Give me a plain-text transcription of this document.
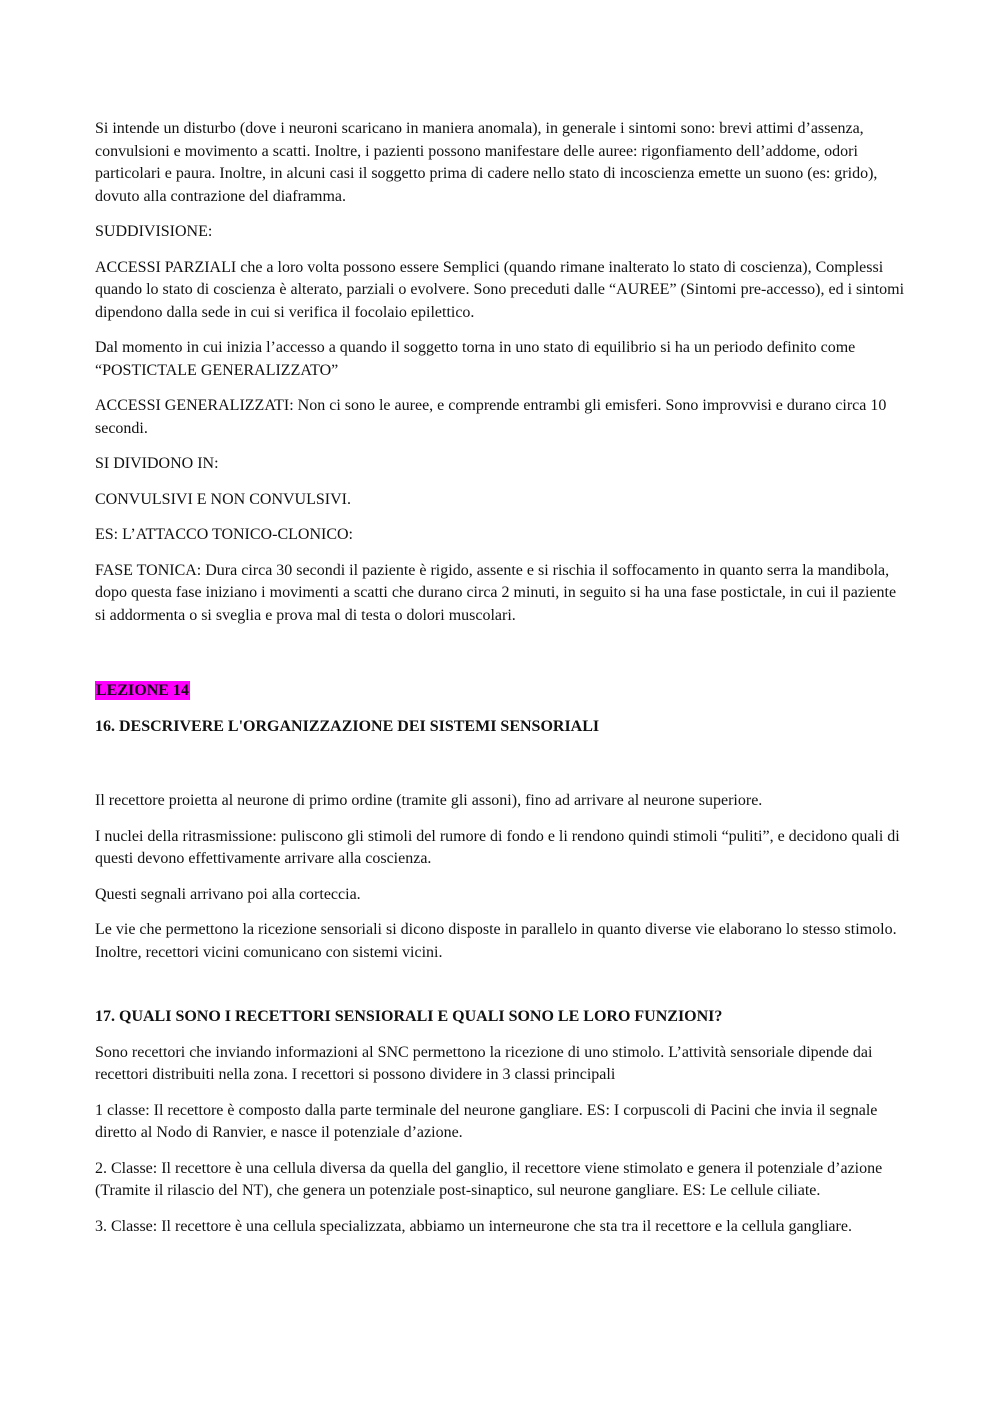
Si intende un disturbo (dove i neuroni scaricano in maniera anomala), in generale i sintomi sono: brevi attimi d’assenza, convulsioni e movimento a scatti. Inoltre, i pazienti possono manifestare delle auree: rigonfiamento dell’addome, odori particolari e paura. Inoltre, in alcuni casi il soggetto prima di cadere nello stato di incoscienza emette un suono (es: grido), dovuto alla contrazione del diaframma.

SUDDIVISIONE:

ACCESSI PARZIALI che a loro volta possono essere Semplici (quando rimane inalterato lo stato di coscienza), Complessi quando lo stato di coscienza è alterato, parziali o evolvere. Sono preceduti dalle “AUREE” (Sintomi pre-accesso), ed i sintomi dipendono dalla sede in cui si verifica il focolaio epilettico.

Dal momento in cui inizia l’accesso a quando il soggetto torna in uno stato di equilibrio si ha un periodo definito come “POSTICTALE GENERALIZZATO”

ACCESSI GENERALIZZATI: Non ci sono le auree, e comprende entrambi gli emisferi. Sono improvvisi e durano circa 10 secondi.

SI DIVIDONO IN:

CONVULSIVI E NON CONVULSIVI.

ES: L’ATTACCO TONICO-CLONICO:

FASE TONICA: Dura circa 30 secondi il paziente è rigido, assente e si rischia il soffocamento in quanto serra la mandibola, dopo questa fase iniziano i movimenti a scatti che durano circa 2 minuti, in seguito si ha una fase postictale, in cui il paziente si addormenta o si sveglia e prova mal di testa o dolori muscolari.

LEZIONE 14

16. DESCRIVERE L'ORGANIZZAZIONE DEI SISTEMI SENSORIALI

Il recettore proietta al neurone di primo ordine (tramite gli assoni), fino ad arrivare al neurone superiore.

I nuclei della ritrasmissione: puliscono gli stimoli del rumore di fondo e li rendono quindi stimoli “puliti”, e decidono quali di questi devono effettivamente arrivare alla coscienza.

Questi segnali arrivano poi alla corteccia.

Le vie che permettono la ricezione sensoriali si dicono disposte in parallelo in quanto diverse vie elaborano lo stesso stimolo. Inoltre, recettori vicini comunicano con sistemi vicini.

17. QUALI SONO I RECETTORI SENSIORALI E QUALI SONO LE LORO FUNZIONI?

Sono recettori che inviando informazioni al SNC permettono la ricezione di uno stimolo. L’attività sensoriale dipende dai recettori distribuiti nella zona. I recettori si possono dividere in 3 classi principali

1 classe: Il recettore è composto dalla parte terminale del neurone gangliare. ES: I corpuscoli di Pacini che invia il segnale diretto al Nodo di Ranvier, e nasce il potenziale d’azione.

2. Classe: Il recettore è una cellula diversa da quella del ganglio, il recettore viene stimolato e genera il potenziale d’azione (Tramite il rilascio del NT), che genera un potenziale post-sinaptico, sul neurone gangliare. ES: Le cellule ciliate.

3. Classe: Il recettore è una cellula specializzata, abbiamo un interneurone che sta tra il recettore e la cellula gangliare.
